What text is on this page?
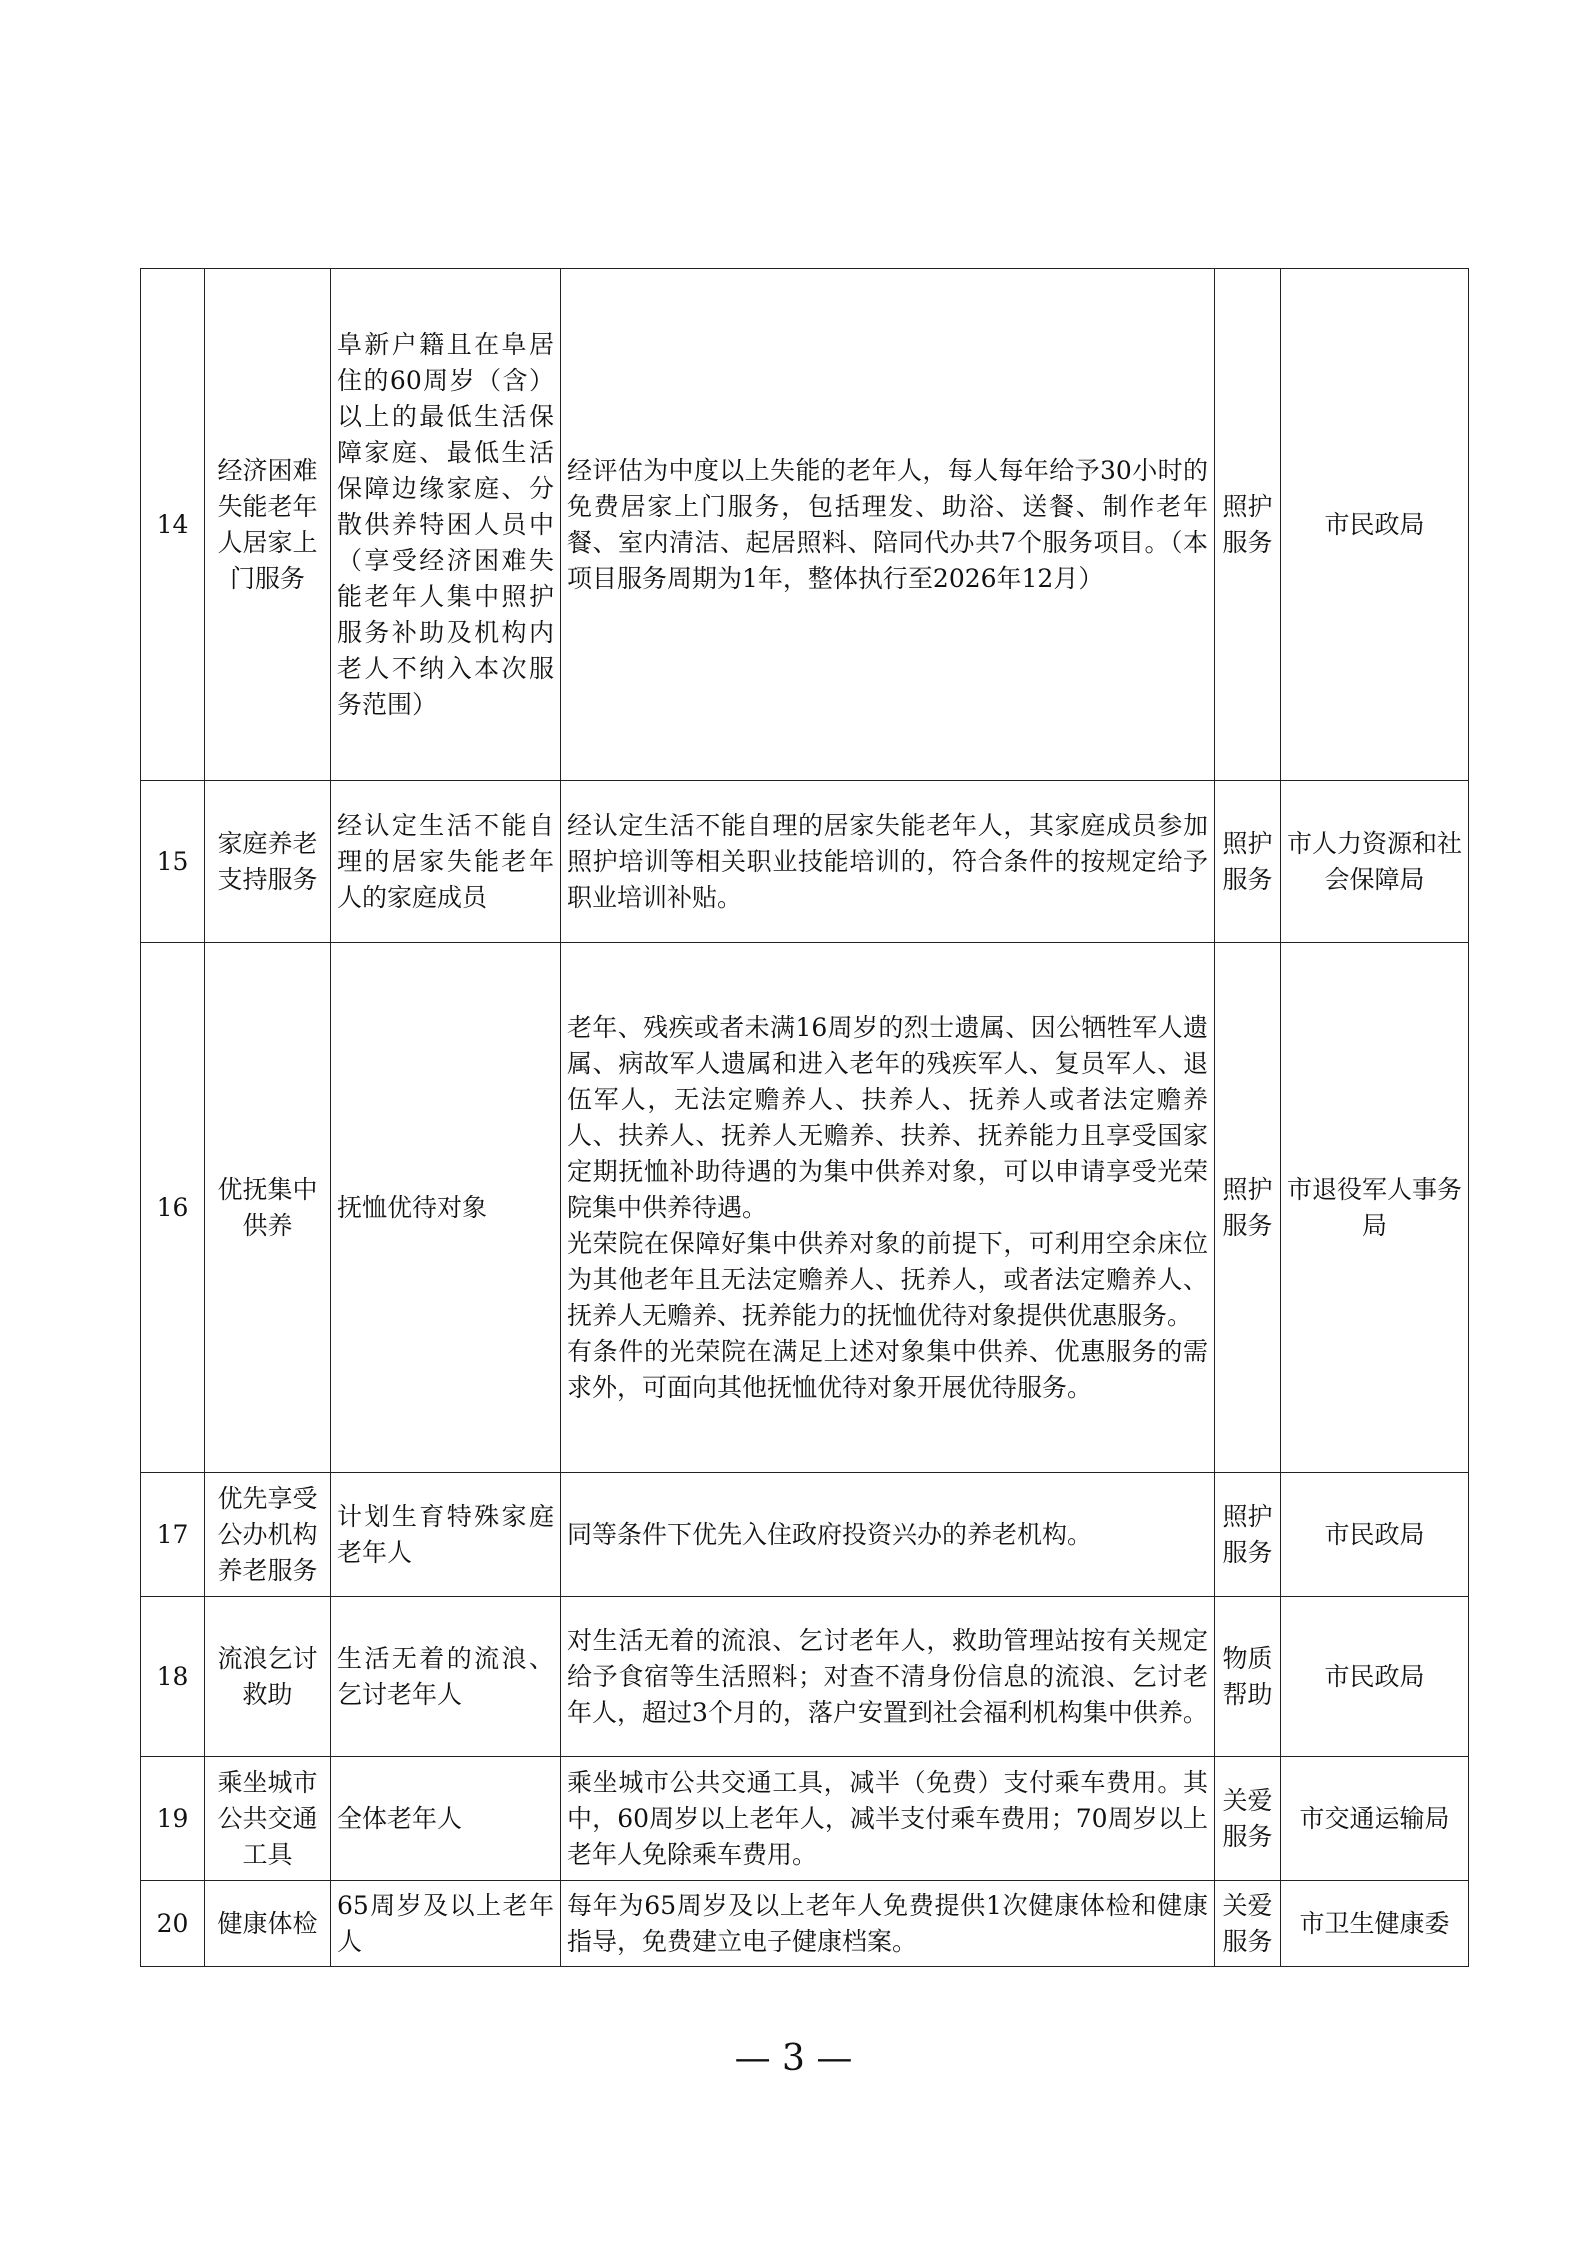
14	经济困难失能老年人居家上门服务	阜新户籍且在阜居住的60周岁（含）以上的最低生活保障家庭、最低生活保障边缘家庭、分散供养特困人员中（享受经济困难失能老年人集中照护服务补助及机构内老人不纳入本次服务范围）	经评估为中度以上失能的老年人，每人每年给予30小时的免费居家上门服务，包括理发、助浴、送餐、制作老年餐、室内清洁、起居照料、陪同代办共7个服务项目。（本项目服务周期为1年，整体执行至2026年12月）	照护服务	市民政局
15	家庭养老支持服务	经认定生活不能自理的居家失能老年人的家庭成员	经认定生活不能自理的居家失能老年人，其家庭成员参加照护培训等相关职业技能培训的，符合条件的按规定给予职业培训补贴。	照护服务	市人力资源和社会保障局
16	优抚集中供养	抚恤优待对象	老年、残疾或者未满16周岁的烈士遗属、因公牺牲军人遗属、病故军人遗属和进入老年的残疾军人、复员军人、退伍军人，无法定赡养人、扶养人、抚养人或者法定赡养人、扶养人、抚养人无赡养、扶养、抚养能力且享受国家定期抚恤补助待遇的为集中供养对象，可以申请享受光荣院集中供养待遇。
光荣院在保障好集中供养对象的前提下，可利用空余床位为其他老年且无法定赡养人、抚养人，或者法定赡养人、抚养人无赡养、抚养能力的抚恤优待对象提供优惠服务。
有条件的光荣院在满足上述对象集中供养、优惠服务的需求外，可面向其他抚恤优待对象开展优待服务。	照护服务	市退役军人事务局
17	优先享受公办机构养老服务	计划生育特殊家庭老年人	同等条件下优先入住政府投资兴办的养老机构。	照护服务	市民政局
18	流浪乞讨救助	生活无着的流浪、乞讨老年人	对生活无着的流浪、乞讨老年人，救助管理站按有关规定给予食宿等生活照料；对查不清身份信息的流浪、乞讨老年人，超过3个月的，落户安置到社会福利机构集中供养。	物质帮助	市民政局
19	乘坐城市公共交通工具	全体老年人	乘坐城市公共交通工具，减半（免费）支付乘车费用。其中，60周岁以上老年人，减半支付乘车费用；70周岁以上老年人免除乘车费用。	关爱服务	市交通运输局
20	健康体检	65周岁及以上老年人	每年为65周岁及以上老年人免费提供1次健康体检和健康指导，免费建立电子健康档案。	关爱服务	市卫生健康委
— 3 —
